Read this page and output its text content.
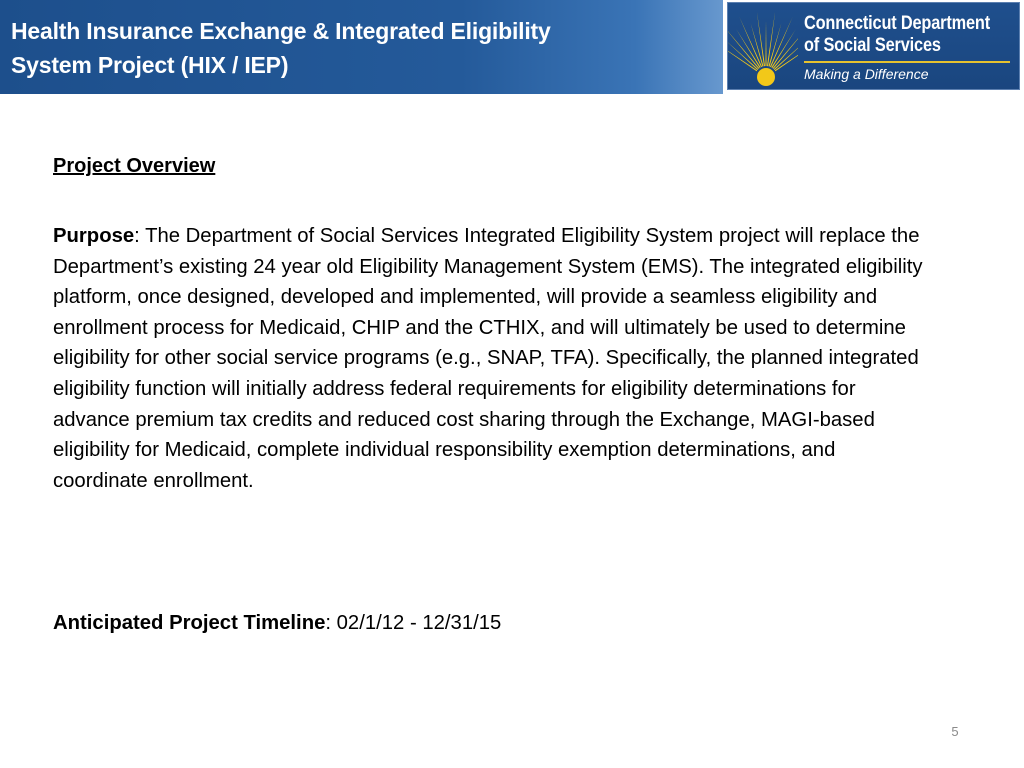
Health Insurance Exchange & Integrated Eligibility
System Project (HIX / IEP)
Connecticut Department
of Social Services
Making a Difference
Project Overview

Purpose: The Department of Social Services Integrated Eligibility System project will replace the Department’s existing 24 year old Eligibility Management System (EMS). The integrated eligibility platform, once designed, developed and implemented, will provide a seamless eligibility and enrollment process for Medicaid, CHIP and the CTHIX, and will ultimately be used to determine eligibility for other social service programs (e.g., SNAP, TFA). Specifically, the planned integrated eligibility function will initially address federal requirements for eligibility determinations for advance premium tax credits and reduced cost sharing through the Exchange, MAGI-based eligibility for Medicaid, complete individual responsibility exemption determinations, and coordinate enrollment.

Anticipated Project Timeline: 02/1/12 - 12/31/15

5
